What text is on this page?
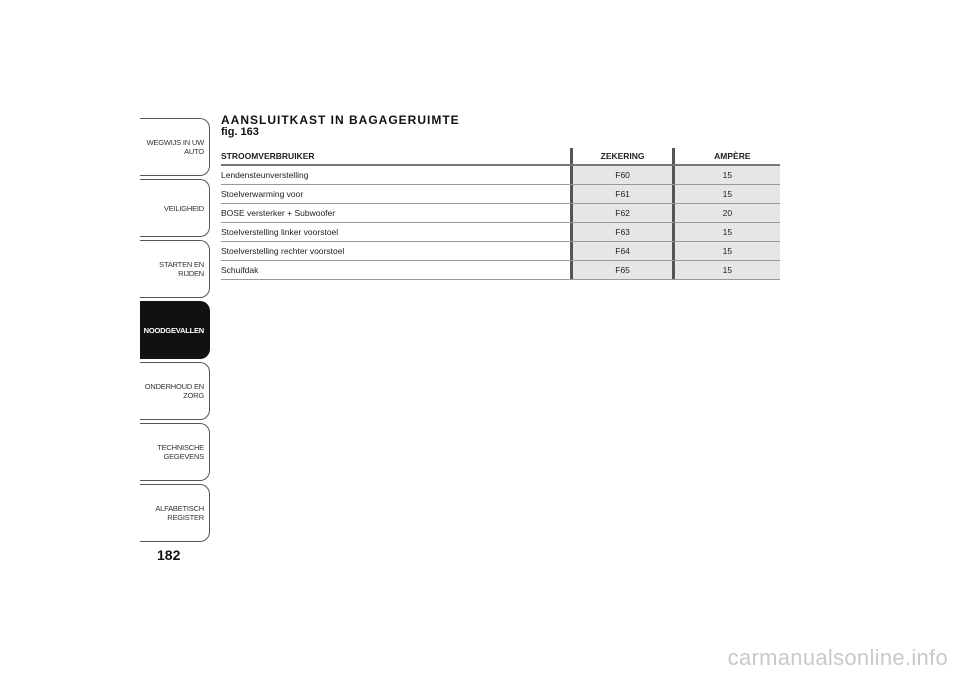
WEGWIJS IN UW
AUTO
VEILIGHEID
STARTEN EN RIJDEN
NOODGEVALLEN
ONDERHOUD EN
ZORG
TECHNISCHE
GEGEVENS
ALFABETISCH
REGISTER
182
AANSLUITKAST IN BAGAGERUIMTE
fig. 163
STROOMVERBRUIKER		ZEKERING		AMPÈRE
Lendensteunverstelling		F60		15
Stoelverwarming voor		F61		15
BOSE versterker + Subwoofer		F62		20
Stoelverstelling linker voorstoel		F63		15
Stoelverstelling rechter voorstoel		F64		15
Schuifdak		F65		15
carmanualsonline.info
